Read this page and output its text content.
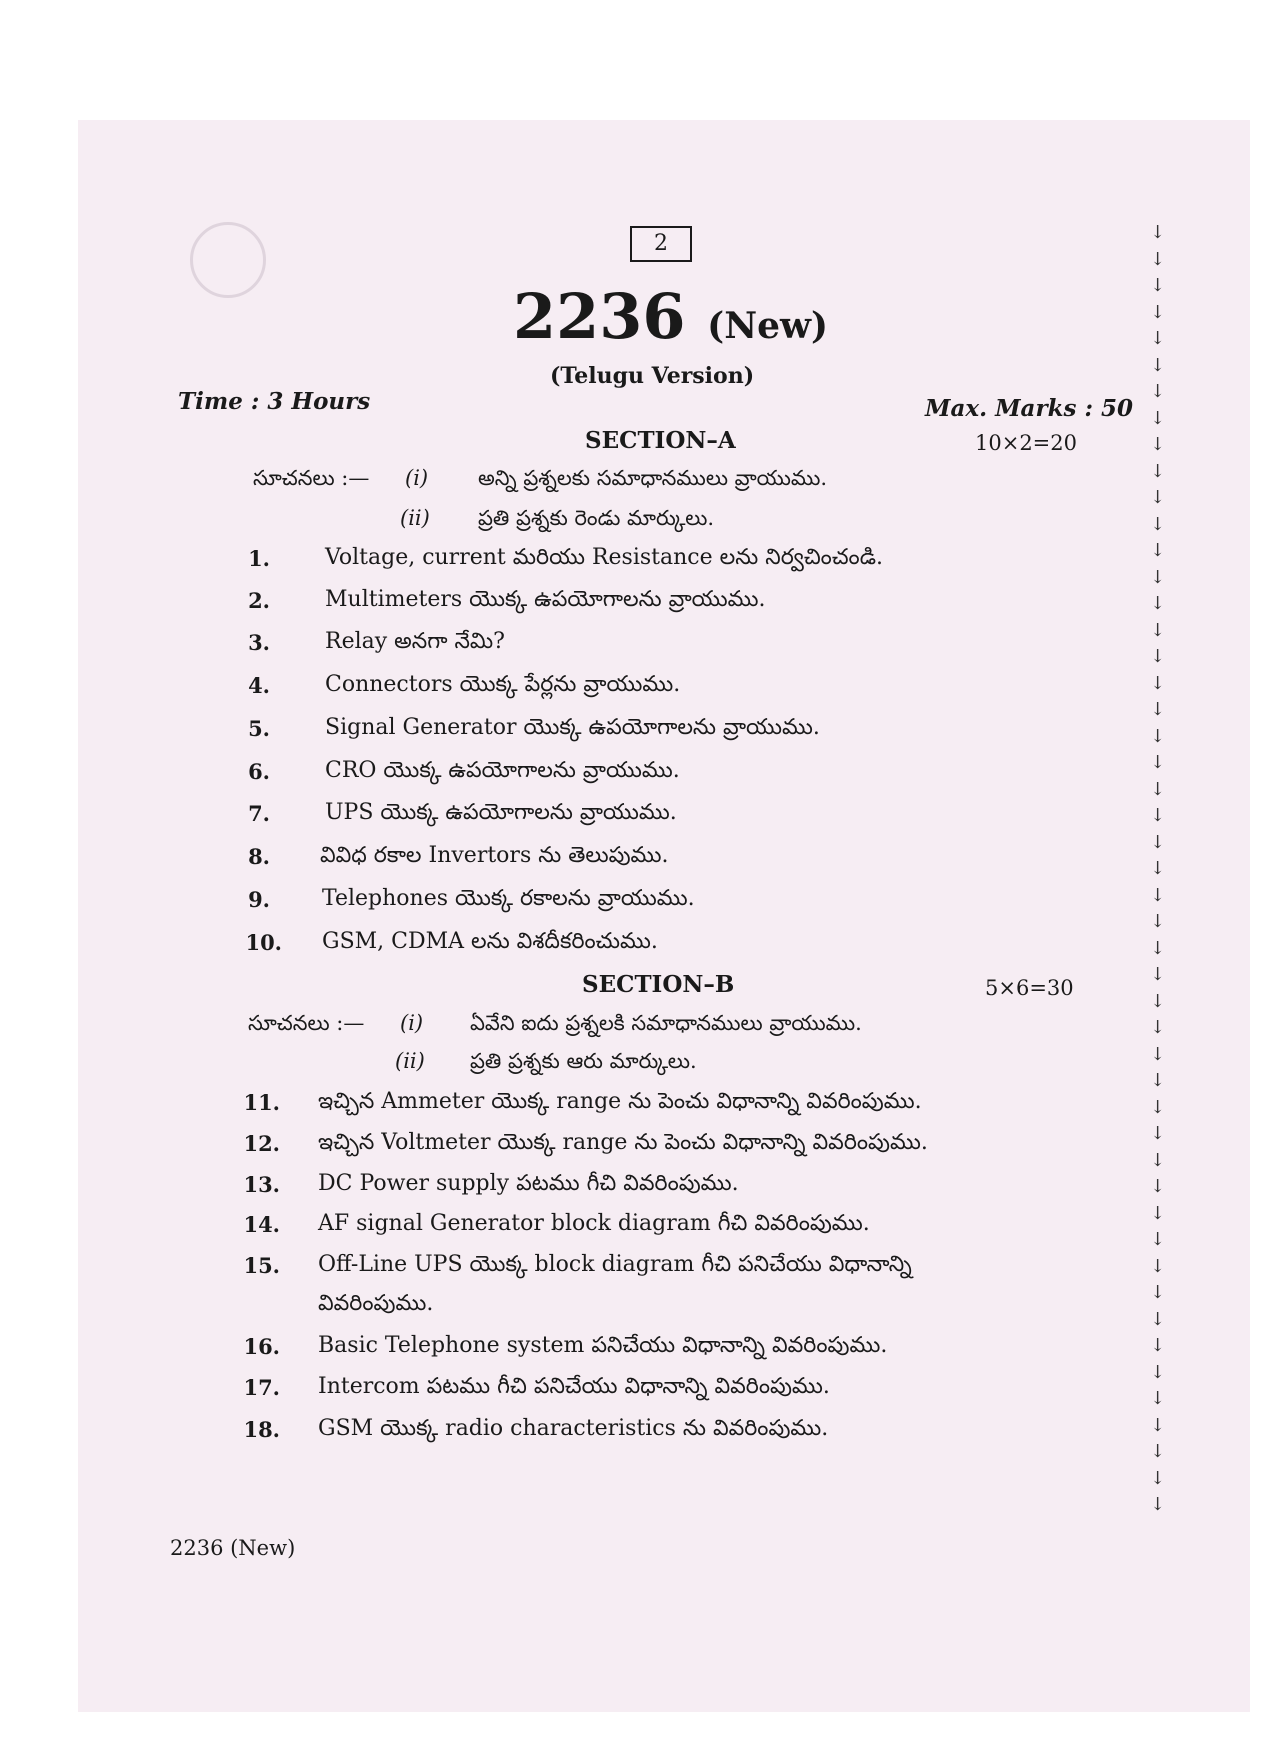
2
2236 (New)
(Telugu Version)
Time : 3 Hours	Max. Marks : 50
SECTION–A	10×2=20
సూచనలు :— (i) అన్ని ప్రశ్నలకు సమాధానములు వ్రాయుము.
(ii) ప్రతి ప్రశ్నకు రెండు మార్కులు.
1.	Voltage, current మరియు Resistance లను నిర్వచించండి.
2.	Multimeters యొక్క ఉపయోగాలను వ్రాయుము.
3.	Relay అనగా నేమి?
4.	Connectors యొక్క పేర్లను వ్రాయుము.
5.	Signal Generator యొక్క ఉపయోగాలను వ్రాయుము.
6.	CRO యొక్క ఉపయోగాలను వ్రాయుము.
7.	UPS యొక్క ఉపయోగాలను వ్రాయుము.
8. వివిధ రకాల Invertors ను తెలుపుము.
9. Telephones యొక్క రకాలను వ్రాయుము.
10. GSM, CDMA లను విశదీకరించుము.
SECTION–B	5×6=30
సూచనలు :— (i) ఏవేని ఐదు ప్రశ్నలకి సమాధానములు వ్రాయుము.
(ii) ప్రతి ప్రశ్నకు ఆరు మార్కులు.
11. ఇచ్చిన Ammeter యొక్క range ను పెంచు విధానాన్ని వివరింపుము.
12. ఇచ్చిన Voltmeter యొక్క range ను పెంచు విధానాన్ని వివరింపుము.
13. DC Power supply పటము గీచి వివరింపుము.
14. AF signal Generator block diagram గీచి వివరింపుము.
15. Off-Line UPS యొక్క block diagram గీచి పనిచేయు విధానాన్ని
వివరింపుము.
16. Basic Telephone system పనిచేయు విధానాన్ని వివరింపుము.
17. Intercom పటము గీచి పనిచేయు విధానాన్ని వివరింపుము.
18. GSM యొక్క radio characteristics ను వివరింపుము.
2236 (New)
↓
↓
↓
↓
↓
↓
↓
↓
↓
↓
↓
↓
↓
↓
↓
↓
↓
↓
↓
↓
↓
↓
↓
↓
↓
↓
↓
↓
↓
↓
↓
↓
↓
↓
↓
↓
↓
↓
↓
↓
↓
↓
↓
↓
↓
↓
↓
↓
↓
